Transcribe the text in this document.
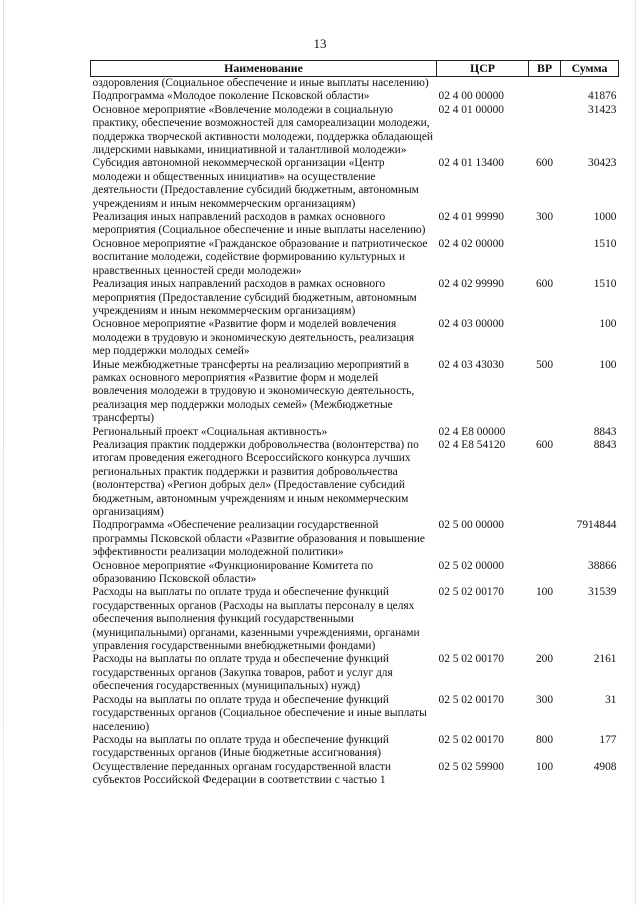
13
Наименование	ЦСР	ВР	Сумма
оздоровления (Социальное обеспечение и иные выплаты населению)			
Подпрограмма «Молодое поколение Псковской области»	02 4 00 00000		41876
Основное мероприятие «Вовлечение молодежи в социальную практику, обеспечение возможностей для самореализации молодежи, поддержка творческой активности молодежи, поддержка обладающей лидерскими навыками, инициативной и талантливой молодежи»	02 4 01 00000		31423
Субсидия автономной некоммерческой организации «Центр молодежи и общественных инициатив» на осуществление деятельности (Предоставление субсидий бюджетным, автономным учреждениям и иным некоммерческим организациям)	02 4 01 13400	600	30423
Реализация иных направлений расходов в рамках основного мероприятия (Социальное обеспечение и иные выплаты населению)	02 4 01 99990	300	1000
Основное мероприятие «Гражданское образование и патриотическое воспитание молодежи, содействие формированию культурных и нравственных ценностей среди молодежи»	02 4 02 00000		1510
Реализация иных направлений расходов в рамках основного мероприятия (Предоставление субсидий бюджетным, автономным учреждениям и иным некоммерческим организациям)	02 4 02 99990	600	1510
Основное мероприятие «Развитие форм и моделей вовлечения молодежи в трудовую и экономическую деятельность, реализация мер поддержки молодых семей»	02 4 03 00000		100
Иные межбюджетные трансферты на реализацию мероприятий в рамках основного мероприятия «Развитие форм и моделей вовлечения молодежи в трудовую и экономическую деятельность, реализация мер поддержки молодых семей» (Межбюджетные трансферты)	02 4 03 43030	500	100
Региональный проект «Социальная активность»	02 4 E8 00000		8843
Реализация практик поддержки добровольчества (волонтерства) по итогам проведения ежегодного Всероссийского конкурса лучших региональных практик поддержки и развития добровольчества (волонтерства) «Регион добрых дел» (Предоставление субсидий бюджетным, автономным учреждениям и иным некоммерческим организациям)	02 4 E8 54120	600	8843
Подпрограмма «Обеспечение реализации государственной программы Псковской области «Развитие образования и повышение эффективности реализации молодежной политики»	02 5 00 00000		7914844
Основное мероприятие «Функционирование Комитета по образованию Псковской области»	02 5 02 00000		38866
Расходы на выплаты по оплате труда и обеспечение функций государственных органов (Расходы на выплаты персоналу в целях обеспечения выполнения функций государственными (муниципальными) органами, казенными учреждениями, органами управления государственными внебюджетными фондами)	02 5 02 00170	100	31539
Расходы на выплаты по оплате труда и обеспечение функций государственных органов (Закупка товаров, работ и услуг для обеспечения государственных (муниципальных) нужд)	02 5 02 00170	200	2161
Расходы на выплаты по оплате труда и обеспечение функций государственных органов (Социальное обеспечение и иные выплаты населению)	02 5 02 00170	300	31
Расходы на выплаты по оплате труда и обеспечение функций государственных органов (Иные бюджетные ассигнования)	02 5 02 00170	800	177
Осуществление переданных органам государственной власти субъектов Российской Федерации в соответствии с частью 1	02 5 02 59900	100	4908
